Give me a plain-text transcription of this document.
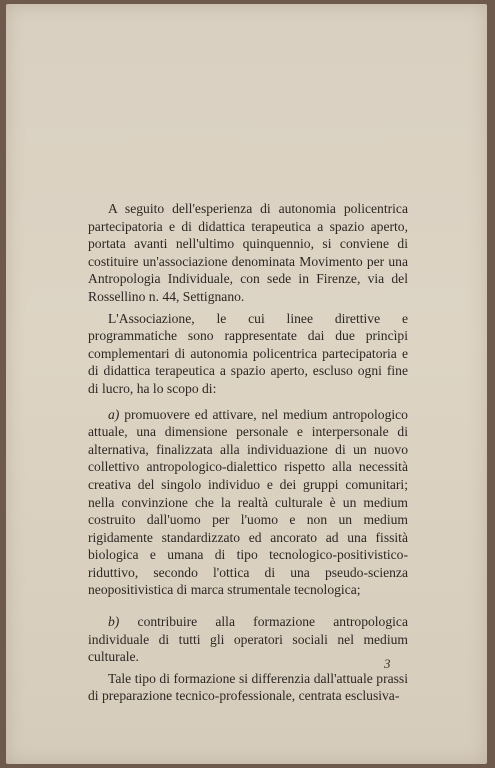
A seguito dell'esperienza di autonomia policentrica partecipatoria e di didattica terapeutica a spazio aperto, portata avanti nell'ultimo quinquennio, si conviene di costituire un'associazione denominata Movimento per una Antropologia Individuale, con sede in Firenze, via del Rossellino n. 44, Settignano.

L'Associazione, le cui linee direttive e programmatiche sono rappresentate dai due princìpi complementari di autonomia policentrica partecipatoria e di didattica terapeutica a spazio aperto, escluso ogni fine di lucro, ha lo scopo di:

a) promuovere ed attivare, nel medium antropologico attuale, una dimensione personale e interpersonale di alternativa, finalizzata alla individuazione di un nuovo collettivo antropologico-dialettico rispetto alla necessità creativa del singolo individuo e dei gruppi comunitari; nella convinzione che la realtà culturale è un medium costruito dall'uomo per l'uomo e non un medium rigidamente standardizzato ed ancorato ad una fissità biologica e umana di tipo tecnologico-positivistico-riduttivo, secondo l'ottica di una pseudo-scienza neopositivistica di marca strumentale tecnologica;

b) contribuire alla formazione antropologica individuale di tutti gli operatori sociali nel medium culturale.

Tale tipo di formazione si differenzia dall'attuale prassi di preparazione tecnico-professionale, centrata esclusiva-

3
